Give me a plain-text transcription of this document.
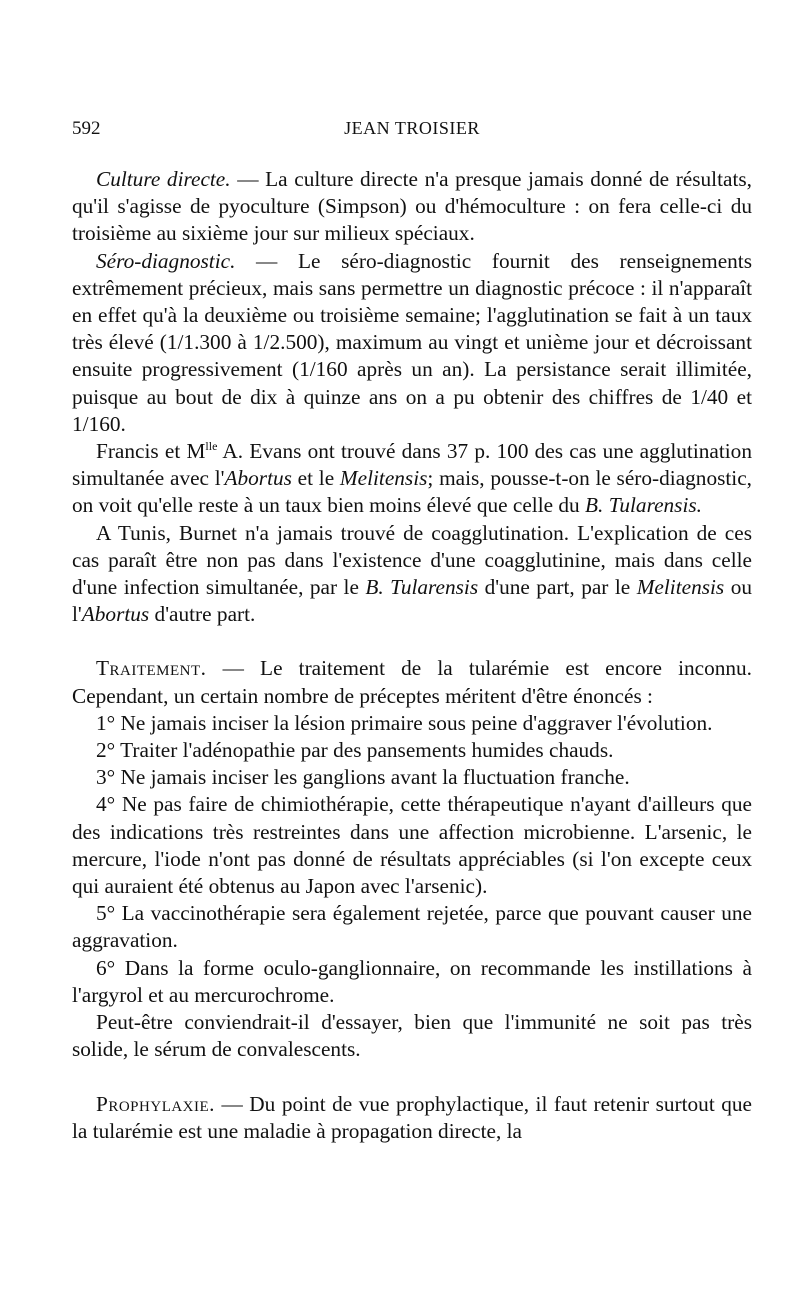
592	JEAN TROISIER

Culture directe. — La culture directe n'a presque jamais donné de résultats, qu'il s'agisse de pyoculture (Simpson) ou d'hémoculture : on fera celle-ci du troisième au sixième jour sur milieux spéciaux.

Séro-diagnostic. — Le séro-diagnostic fournit des renseignements extrêmement précieux, mais sans permettre un diagnostic précoce : il n'apparaît en effet qu'à la deuxième ou troisième semaine; l'agglutination se fait à un taux très élevé (1/1.300 à 1/2.500), maximum au vingt et unième jour et décroissant ensuite progressivement (1/160 après un an). La persistance serait illimitée, puisque au bout de dix à quinze ans on a pu obtenir des chiffres de 1/40 et 1/160.

Francis et $M^{lle}$ A. Evans ont trouvé dans 37 p. 100 des cas une agglutination simultanée avec l'Abortus et le Melitensis; mais, pousse-t-on le séro-diagnostic, on voit qu'elle reste à un taux bien moins élevé que celle du B. Tularensis.

A Tunis, Burnet n'a jamais trouvé de coagglutination. L'explication de ces cas paraît être non pas dans l'existence d'une coagglutinine, mais dans celle d'une infection simultanée, par le B. Tularensis d'une part, par le Melitensis ou l'Abortus d'autre part.

Traitement. — Le traitement de la tularémie est encore inconnu. Cependant, un certain nombre de préceptes méritent d'être énoncés :

1° Ne jamais inciser la lésion primaire sous peine d'aggraver l'évolution.

2° Traiter l'adénopathie par des pansements humides chauds.

3° Ne jamais inciser les ganglions avant la fluctuation franche.

4° Ne pas faire de chimiothérapie, cette thérapeutique n'ayant d'ailleurs que des indications très restreintes dans une affection microbienne. L'arsenic, le mercure, l'iode n'ont pas donné de résultats appréciables (si l'on excepte ceux qui auraient été obtenus au Japon avec l'arsenic).

5° La vaccinothérapie sera également rejetée, parce que pouvant causer une aggravation.

6° Dans la forme oculo-ganglionnaire, on recommande les instillations à l'argyrol et au mercurochrome.

Peut-être conviendrait-il d'essayer, bien que l'immunité ne soit pas très solide, le sérum de convalescents.

Prophylaxie. — Du point de vue prophylactique, il faut retenir surtout que la tularémie est une maladie à propagation directe, la
